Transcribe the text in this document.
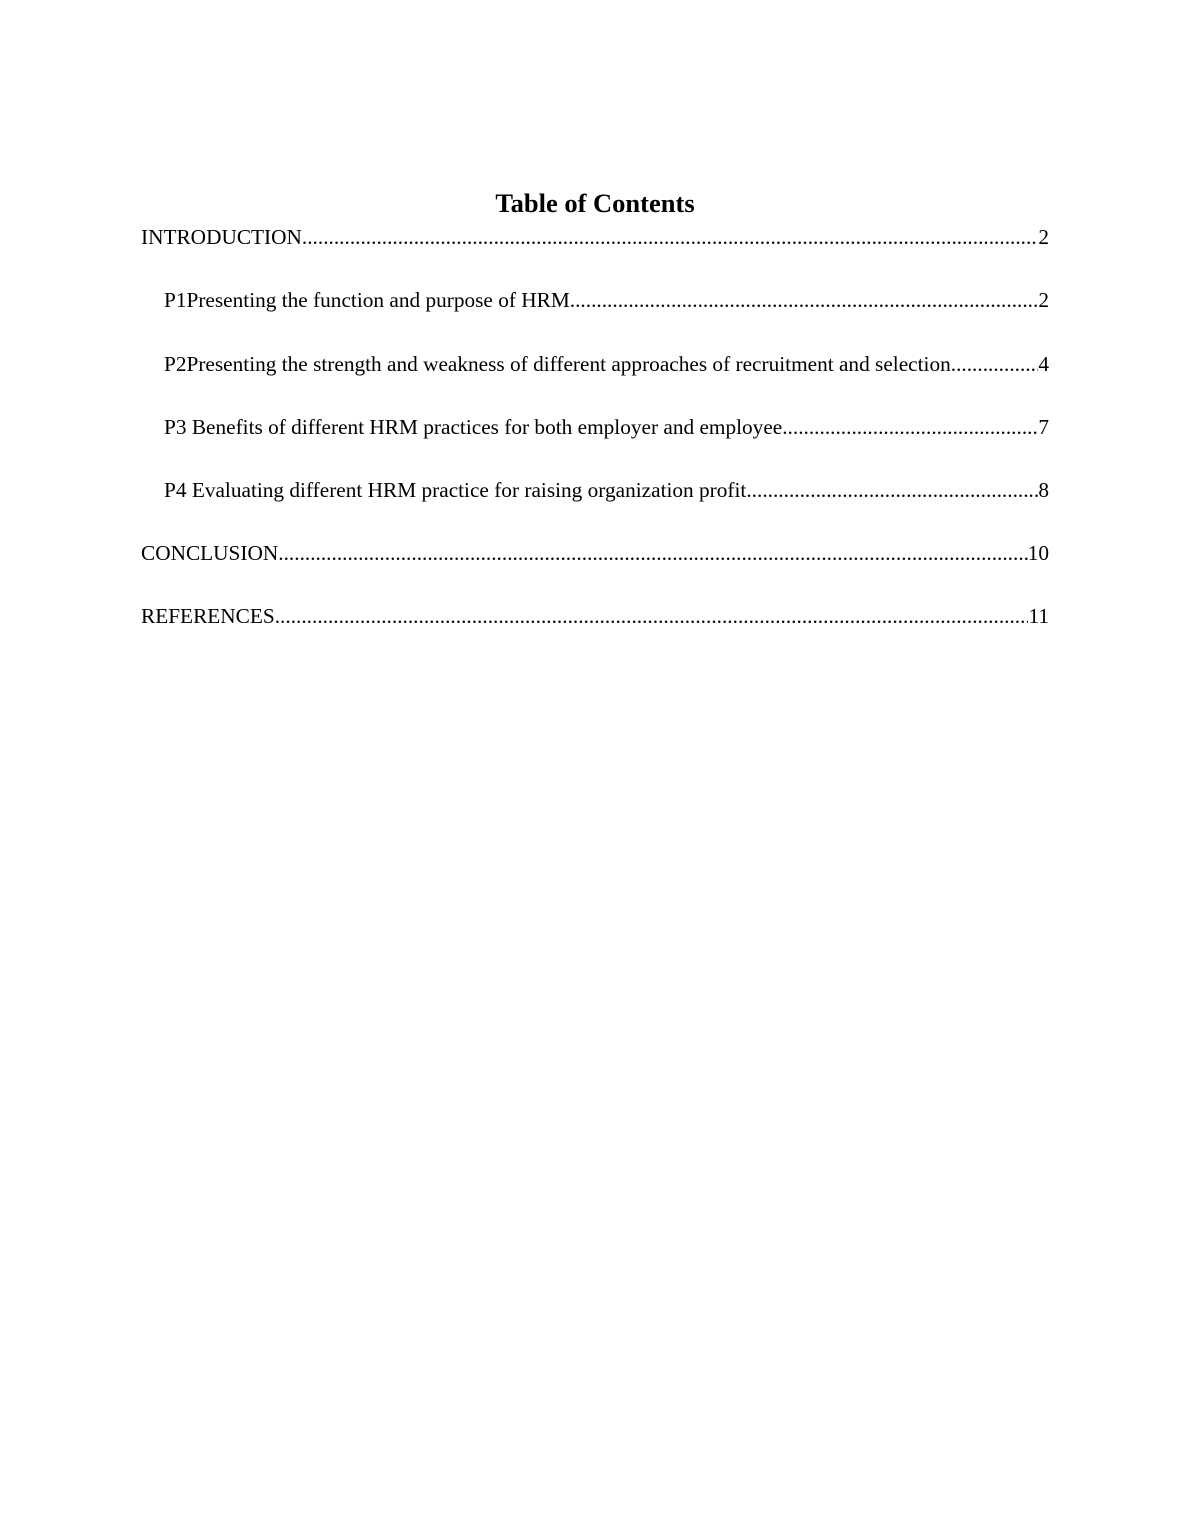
Table of Contents
INTRODUCTION .....	2
P1Presenting the function and purpose of HRM .....	2
P2Presenting the strength and weakness of different approaches of recruitment and selection .....	4
P3 Benefits of different HRM practices for both employer and employee .....	7
P4 Evaluating different HRM practice for raising organization profit .....	8
CONCLUSION .....	10
REFERENCES .....	11
